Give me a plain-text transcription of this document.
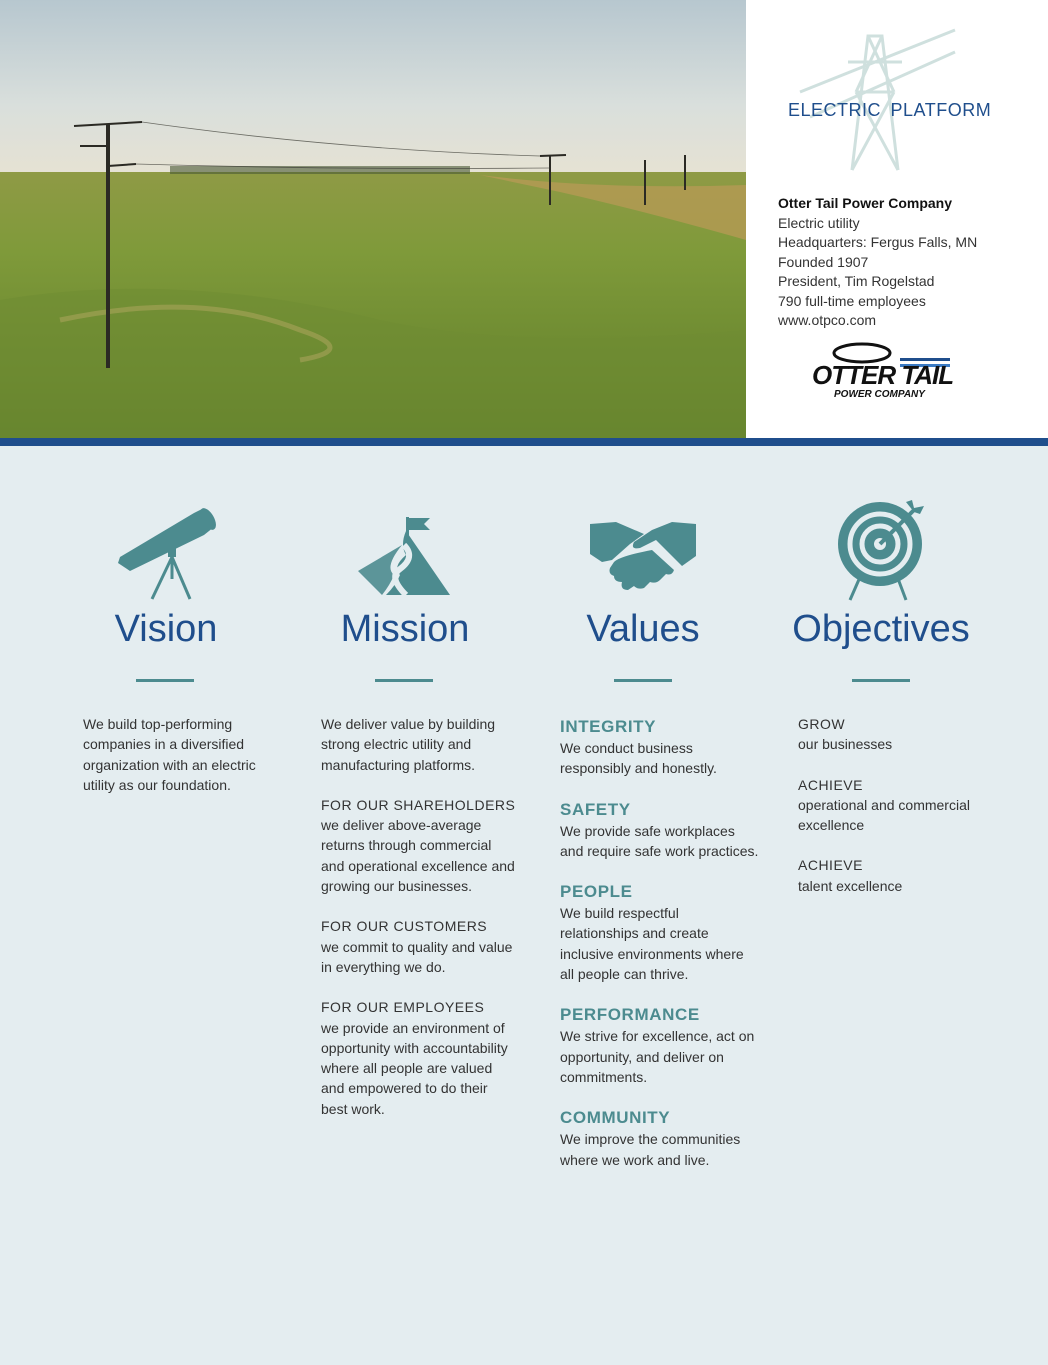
ELECTRIC PLATFORM
Otter Tail Power Company
Electric utility
Headquarters: Fergus Falls, MN
Founded 1907
President, Tim Rogelstad
790 full-time employees
www.otpco.com
OTTER TAIL
POWER COMPANY
Vision
We build top-performing companies in a diversified organization with an electric utility as our foundation.
Mission

We deliver value by building strong electric utility and manufacturing platforms.

FOR OUR SHAREHOLDERS
we deliver above-average returns through commercial and operational excellence and growing our businesses.

FOR OUR CUSTOMERS
we commit to quality and value in everything we do.

FOR OUR EMPLOYEES
we provide an environment of opportunity with accountability where all people are valued and empowered to do their best work.

Values
INTEGRITY
We conduct business responsibly and honestly.
SAFETY
We provide safe workplaces and require safe work practices.
PEOPLE
We build respectful relationships and create inclusive environments where all people can thrive.
PERFORMANCE
We strive for excellence, act on opportunity, and deliver on commitments.
COMMUNITY
We improve the communities where we work and live.
Objectives

GROW
our businesses

ACHIEVE
operational and commercial excellence

ACHIEVE
talent excellence
